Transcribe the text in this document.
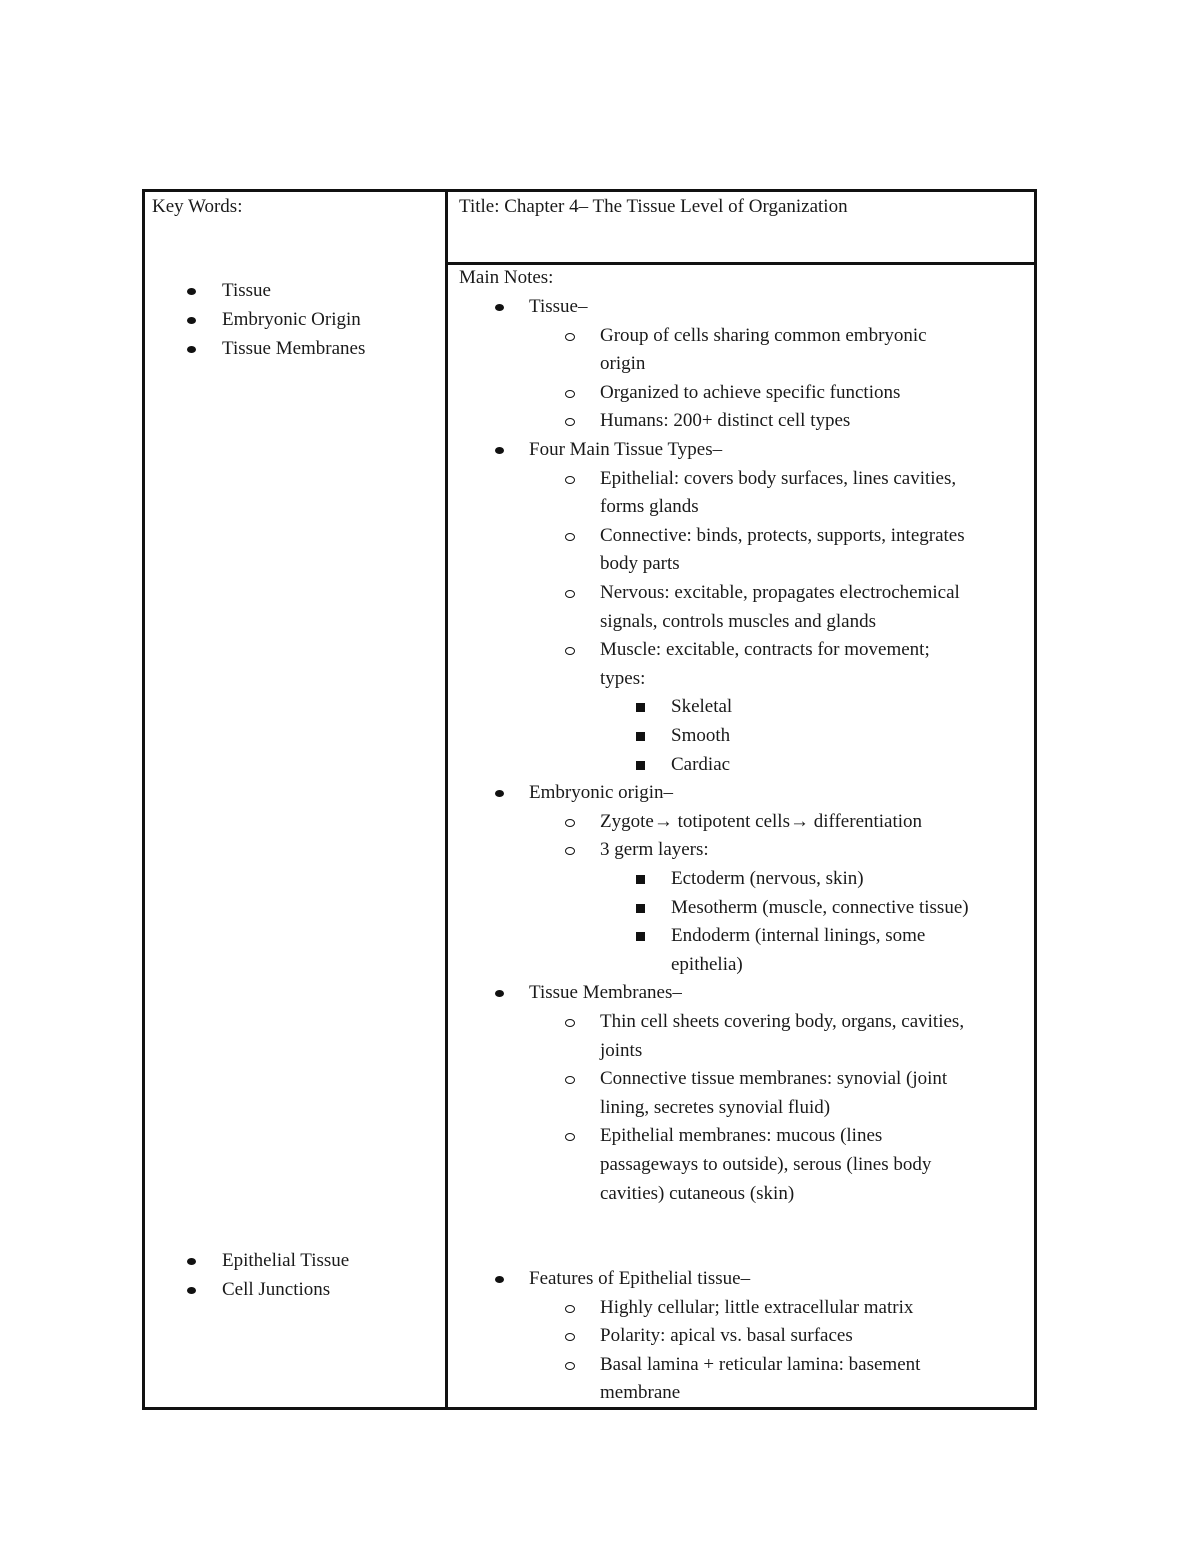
Key Words:	Title: Chapter 4– The Tissue Level of Organization
Main Notes:
Tissue
Embryonic Origin
Tissue Membranes
Epithelial Tissue
Cell Junctions
Tissue–
Group of cells sharing common embryonic
origin
Organized to achieve specific functions
Humans: 200+ distinct cell types
Four Main Tissue Types–
Epithelial: covers body surfaces, lines cavities,
forms glands
Connective: binds, protects, supports, integrates
body parts
Nervous: excitable, propagates electrochemical
signals, controls muscles and glands
Muscle: excitable, contracts for movement;
types:
Skeletal
Smooth
Cardiac
Embryonic origin–
Zygote→ totipotent cells→ differentiation
3 germ layers:
Ectoderm (nervous, skin)
Mesotherm (muscle, connective tissue)
Endoderm (internal linings, some
epithelia)
Tissue Membranes–
Thin cell sheets covering body, organs, cavities,
joints
Connective tissue membranes: synovial (joint
lining, secretes synovial fluid)
Epithelial membranes: mucous (lines
passageways to outside), serous (lines body
cavities) cutaneous (skin)
Features of Epithelial tissue–
Highly cellular; little extracellular matrix
Polarity: apical vs. basal surfaces
Basal lamina + reticular lamina: basement
membrane
